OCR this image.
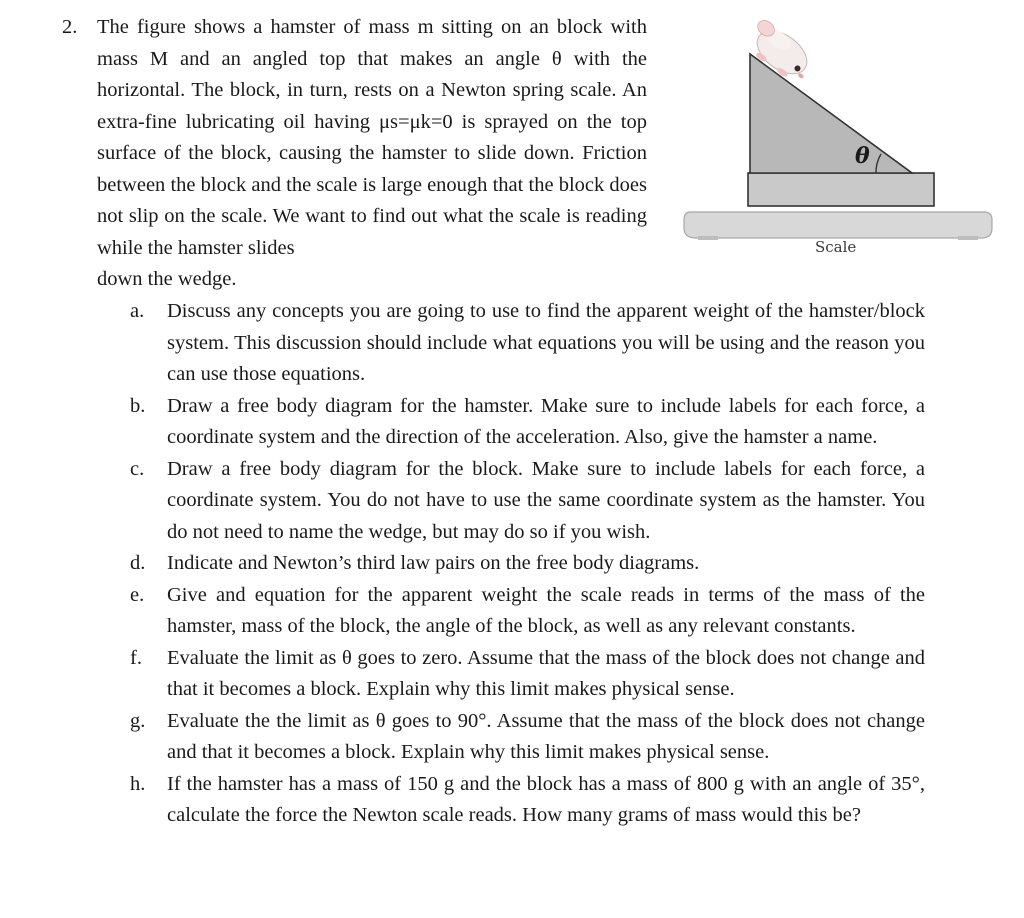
2. The figure shows a hamster of mass m sitting on an block with mass M and an angled top that makes an angle θ with the horizontal. The block, in turn, rests on a Newton spring scale. An extra-fine lubricating oil having μs=μk=0 is sprayed on the top surface of the block, causing the hamster to slide down. Friction between the block and the scale is large enough that the block does not slip on the scale. We want to find out what the scale is reading while the hamster slides
down the wedge.
θ
Scale
a.	Discuss any concepts you are going to use to find the apparent weight of the hamster/block system. This discussion should include what equations you will be using and the reason you can use those equations.
b.	Draw a free body diagram for the hamster. Make sure to include labels for each force, a coordinate system and the direction of the acceleration. Also, give the hamster a name.
c.	Draw a free body diagram for the block. Make sure to include labels for each force, a coordinate system. You do not have to use the same coordinate system as the hamster. You do not need to name the wedge, but may do so if you wish.
d.	Indicate and Newton’s third law pairs on the free body diagrams.
e.	Give and equation for the apparent weight the scale reads in terms of the mass of the hamster, mass of the block, the angle of the block, as well as any relevant constants.
f.	Evaluate the limit as θ goes to zero. Assume that the mass of the block does not change and that it becomes a block. Explain why this limit makes physical sense.
g.	Evaluate the the limit as θ goes to 90°. Assume that the mass of the block does not change and that it becomes a block. Explain why this limit makes physical sense.
h.	If the hamster has a mass of 150 g and the block has a mass of 800 g with an angle of 35°, calculate the force the Newton scale reads. How many grams of mass would this be?
